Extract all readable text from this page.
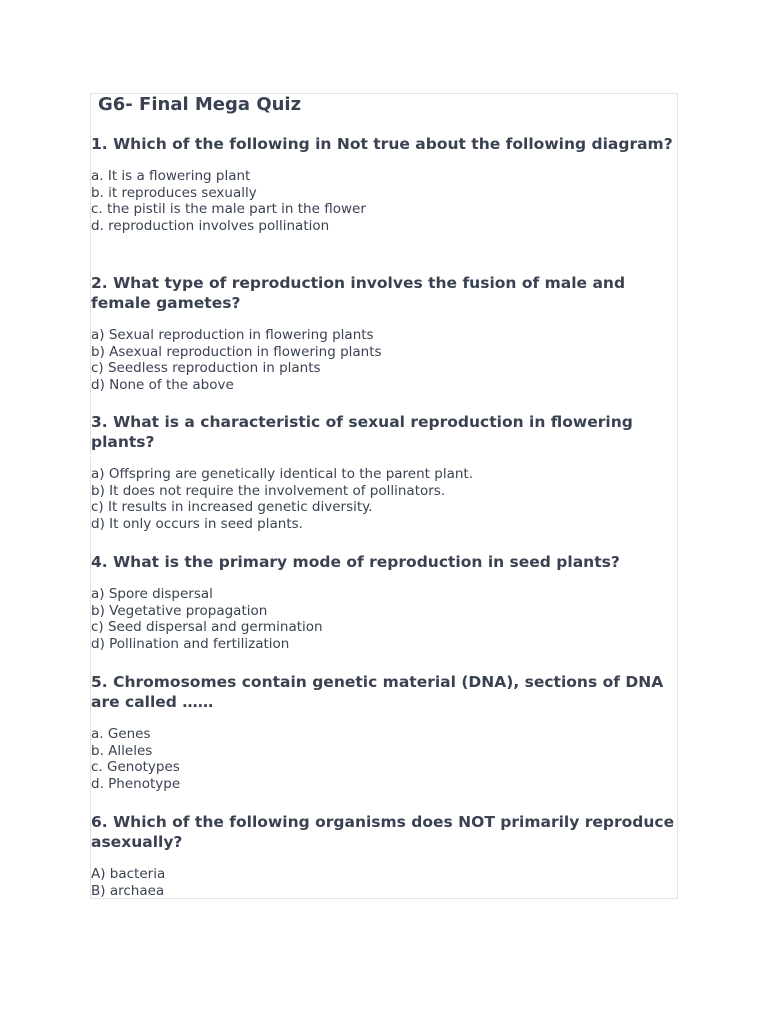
G6- Final Mega Quiz

1. Which of the following in Not true about the following diagram?

a. It is a flowering plant
b. it reproduces sexually
c. the pistil is the male part in the flower
d. reproduction involves pollination

2. What type of reproduction involves the fusion of male and female gametes?

a) Sexual reproduction in flowering plants
b) Asexual reproduction in flowering plants
c) Seedless reproduction in plants
d) None of the above

3. What is a characteristic of sexual reproduction in flowering plants?

a) Offspring are genetically identical to the parent plant.
b) It does not require the involvement of pollinators.
c) It results in increased genetic diversity.
d) It only occurs in seed plants.

4. What is the primary mode of reproduction in seed plants?

a) Spore dispersal
b) Vegetative propagation
c) Seed dispersal and germination
d) Pollination and fertilization

5. Chromosomes contain genetic material (DNA), sections of DNA are called ……

a. Genes
b. Alleles
c. Genotypes
d. Phenotype

6. Which of the following organisms does NOT primarily reproduce asexually?

A) bacteria
B) archaea
